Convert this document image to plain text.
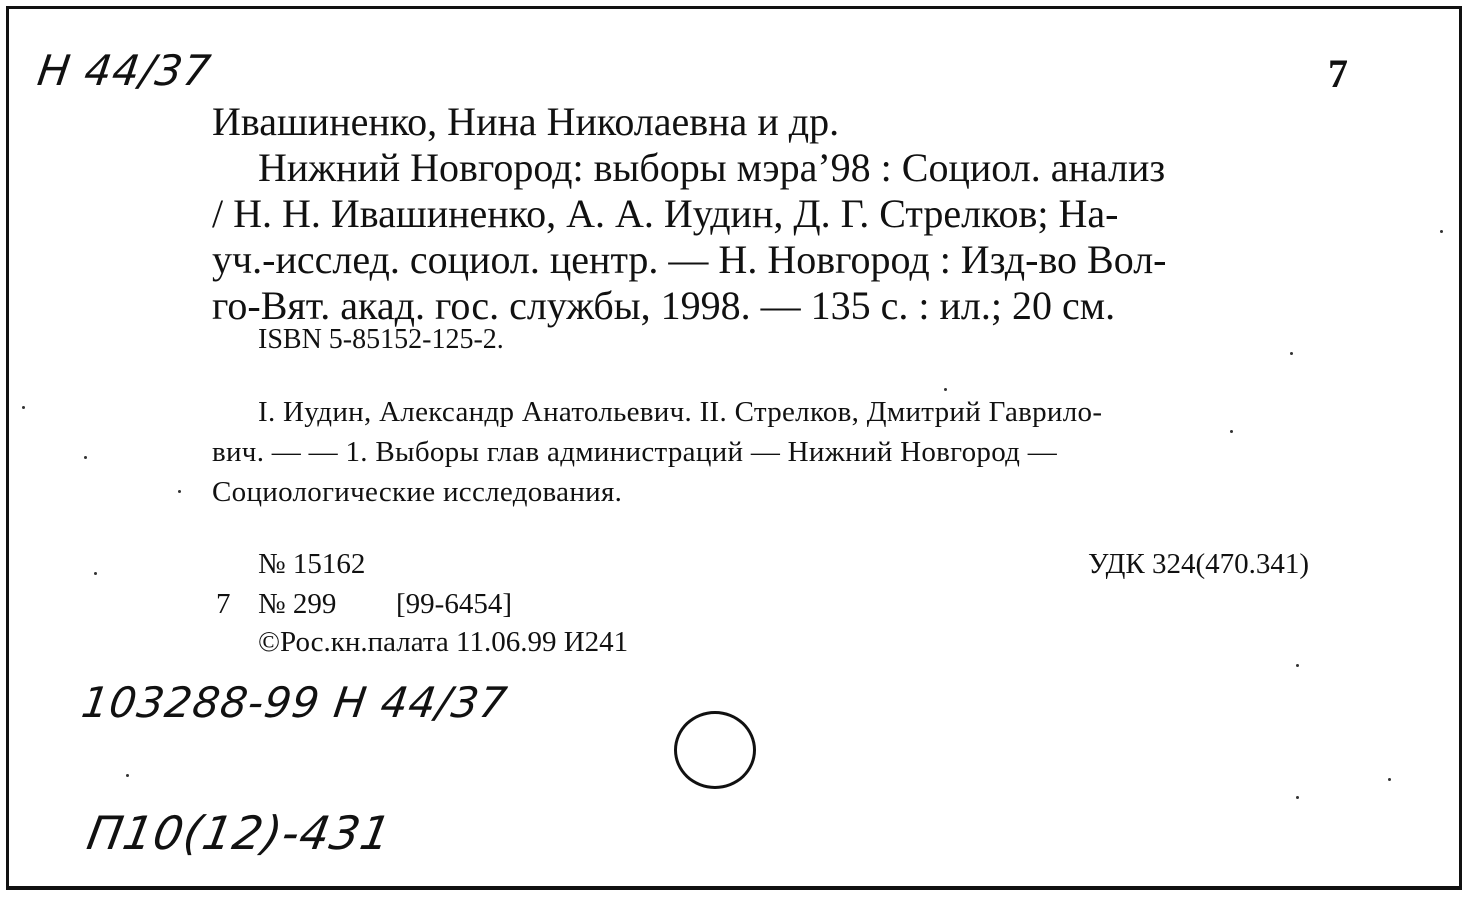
Н 44/37	7
Ивашиненко, Нина Николаевна и др.
Нижний Новгород: выборы мэра’98 : Социол. анализ
/ Н. Н. Ивашиненко, А. А. Иудин, Д. Г. Стрелков; На-
уч.-исслед. социол. центр. — Н. Новгород : Изд-во Вол-
го-Вят. акад. гос. службы, 1998. — 135 с. : ил.; 20 см.
ISBN 5-85152-125-2.
I. Иудин, Александр Анатольевич. II. Стрелков, Дмитрий Гаврило-
вич. — — 1. Выборы глав администраций — Нижний Новгород —
Социологические исследования.
№ 15162	УДК 324(470.341)
7 № 299 [99-6454]
©Рос.кн.палата 11.06.99 И241
103288-99 Н 44/37
П10(12)-431
